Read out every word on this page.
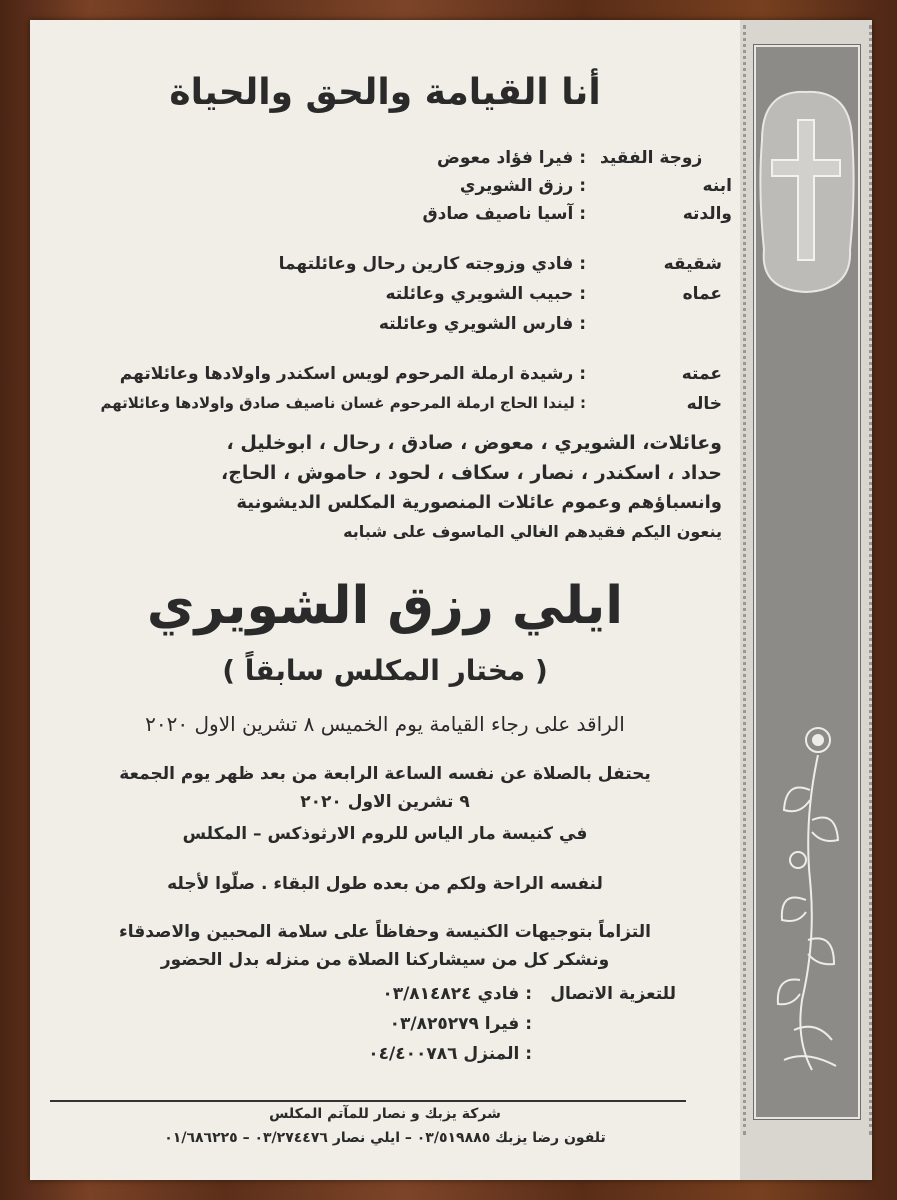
أنا القيامة والحق والحياة
زوجة الفقيد
: فيرا فؤاد معوض
ابنه
: رزق الشويري
والدته
: آسيا ناصيف صادق
شقيقه
: فادي وزوجته كارين رحال وعائلتهما
عماه
: حبيب الشويري وعائلته
: فارس الشويري وعائلته
عمته
: رشيدة ارملة المرحوم لويس اسكندر واولادها وعائلاتهم
خاله
: ليندا الحاج ارملة المرحوم غسان ناصيف صادق واولادها وعائلاتهم
وعائلات، الشويري ، معوض ، صادق ، رحال ، ابوخليل ،
حداد ، اسكندر ، نصار ، سكاف ، لحود ، حاموش ، الحاج،
وانسباؤهم وعموم عائلات المنصورية المكلس الديشونية
ينعون اليكم فقيدهم الغالي الماسوف على شبابه
ايلي رزق الشويري
( مختار المكلس سابقاً )
الراقد على رجاء القيامة يوم الخميس ٨ تشرين الاول ٢٠٢٠
يحتفل بالصلاة عن نفسه الساعة الرابعة من بعد ظهر يوم الجمعة
٩ تشرين الاول ٢٠٢٠
في كنيسة مار الياس للروم الارثوذكس – المكلس
لنفسه الراحة ولكم من بعده طول البقاء . صلّوا لأجله
التزاماً بتوجيهات الكنيسة وحفاظاً على سلامة المحبين والاصدقاء
ونشكر كل من سيشاركنا الصلاة من منزله بدل الحضور
للتعزية الاتصال
: فادي ٠٣/٨١٤٨٢٤
: فيرا ٠٣/٨٢٥٢٧٩
: المنزل ٠٤/٤٠٠٧٨٦
شركة يزبك و نصار للمآتم المكلس
تلفون رضا يزبك ٠٣/٥١٩٨٨٥ – ايلي نصار ٠٣/٢٧٤٤٧٦ – ٠١/٦٨٦٢٢٥
